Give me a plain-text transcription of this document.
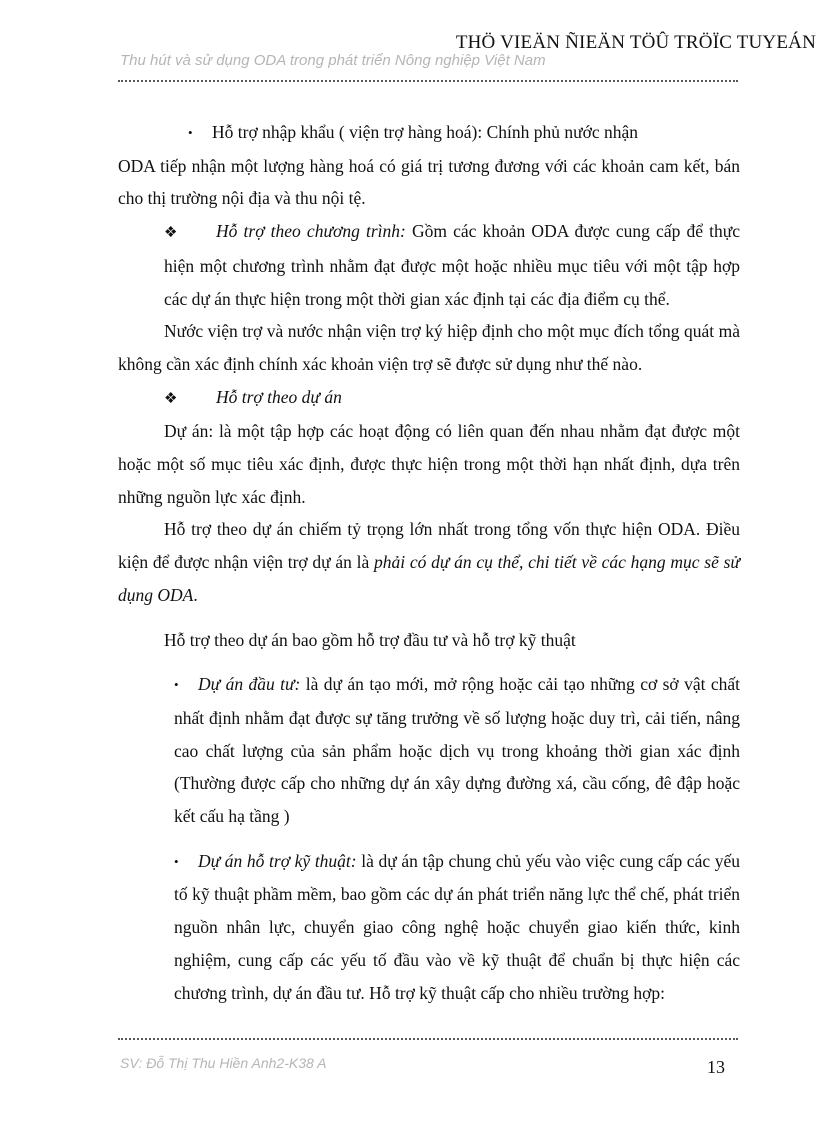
THÖ VIEÄN ÑIEÄN TÖÛ TRÖÏC TUYEÁN
Thu hút và sử dụng ODA trong phát triển Nông nghiệp Việt Nam

• Hỗ trợ nhập khẩu ( viện trợ hàng hoá): Chính phủ nước nhận

ODA tiếp nhận một lượng hàng hoá có giá trị tương đương với các khoản cam kết, bán cho thị trường nội địa và thu nội tệ.

❖ Hỗ trợ theo chương trình: Gồm các khoản ODA được cung cấp để thực hiện một chương trình nhằm đạt được một hoặc nhiều mục tiêu với một tập hợp các dự án thực hiện trong một thời gian xác định tại các địa điểm cụ thể.

Nước viện trợ và nước nhận viện trợ ký hiệp định cho một mục đích tổng quát mà không cần xác định chính xác khoản viện trợ sẽ được sử dụng như thế nào.

❖ Hỗ trợ theo dự án

Dự án: là một tập hợp các hoạt động có liên quan đến nhau nhằm đạt được một hoặc một số mục tiêu xác định, được thực hiện trong một thời hạn nhất định, dựa trên những nguồn lực xác định.

Hỗ trợ theo dự án chiếm tỷ trọng lớn nhất trong tổng vốn thực hiện ODA. Điều kiện để được nhận viện trợ dự án là phải có dự án cụ thể, chi tiết về các hạng mục sẽ sử dụng ODA.

Hỗ trợ theo dự án bao gồm hỗ trợ đầu tư và hỗ trợ kỹ thuật

• Dự án đầu tư: là dự án tạo mới, mở rộng hoặc cải tạo những cơ sở vật chất nhất định nhằm đạt được sự tăng trưởng về số lượng hoặc duy trì, cải tiến, nâng cao chất lượng của sản phẩm hoặc dịch vụ trong khoảng thời gian xác định (Thường được cấp cho những dự án xây dựng đường xá, cầu cống, đê đập hoặc kết cấu hạ tầng )

• Dự án hỗ trợ kỹ thuật: là dự án tập chung chủ yếu vào việc cung cấp các yếu tố kỹ thuật phầm mềm, bao gồm các dự án phát triển năng lực thể chế, phát triển nguồn nhân lực, chuyển giao công nghệ hoặc chuyển giao kiến thức, kinh nghiệm, cung cấp các yếu tố đầu vào về kỹ thuật để chuẩn bị thực hiện các chương trình, dự án đầu tư. Hỗ trợ kỹ thuật cấp cho nhiều trường hợp:

SV: Đỗ Thị Thu Hiền Anh2-K38 A	13
